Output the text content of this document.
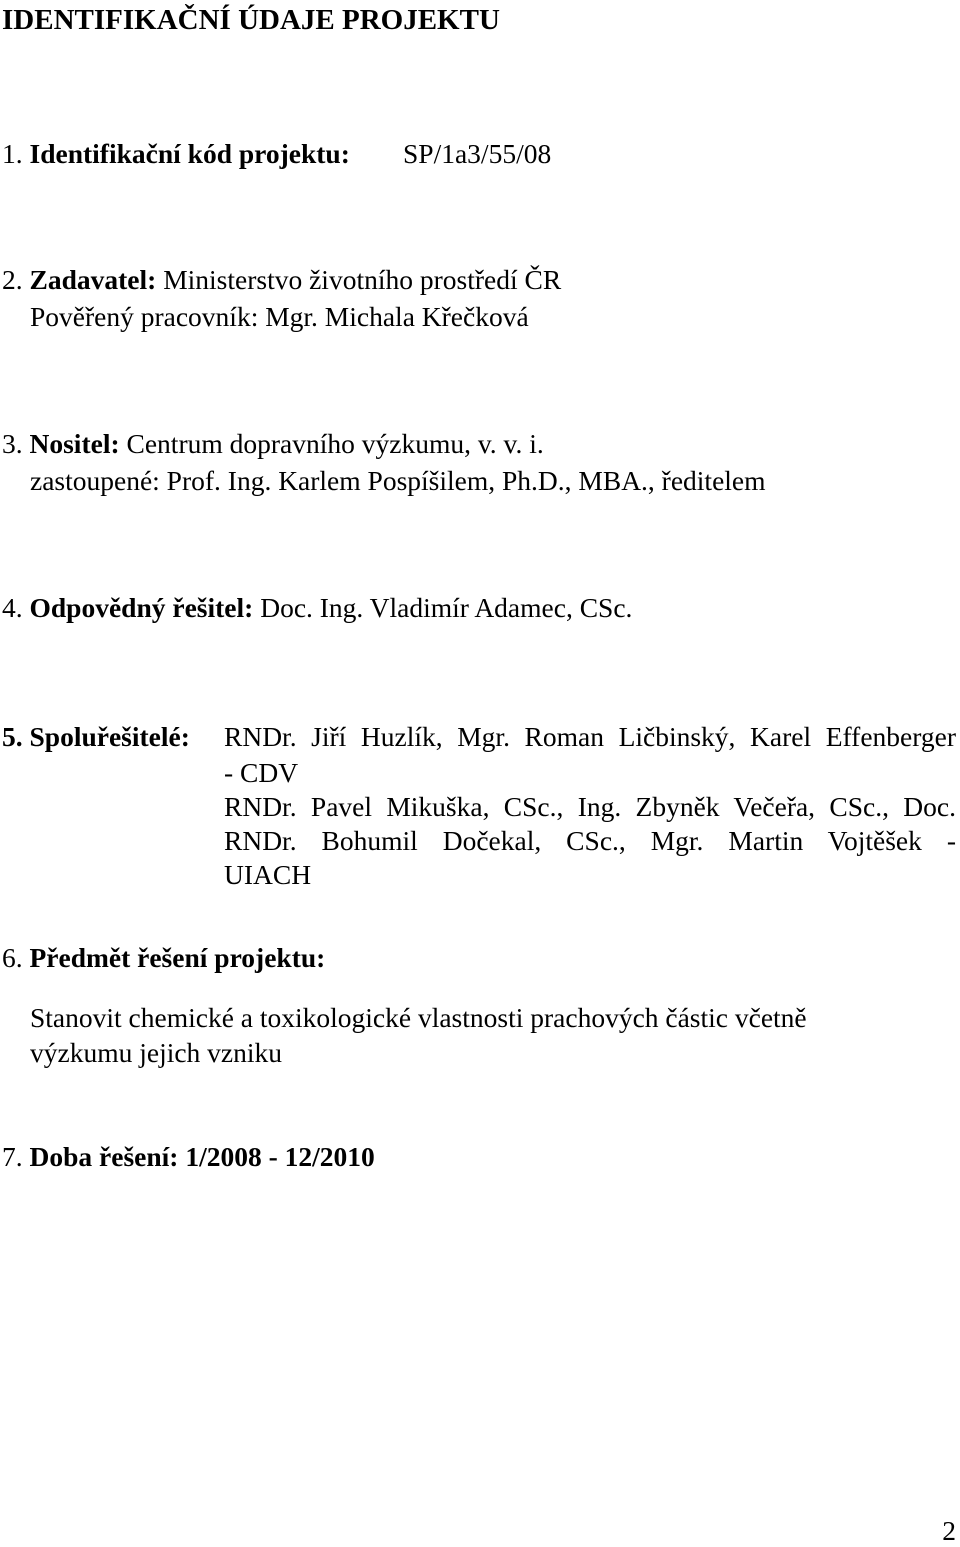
IDENTIFIKAČNÍ ÚDAJE PROJEKTU
1. Identifikační kód projektu: SP/1a3/55/08
2. Zadavatel: Ministerstvo životního prostředí ČR
Pověřený pracovník: Mgr. Michala Křečková
3. Nositel: Centrum dopravního výzkumu, v. v. i.
zastoupené: Prof. Ing. Karlem Pospíšilem, Ph.D., MBA., ředitelem
4. Odpovědný řešitel: Doc. Ing. Vladimír Adamec, CSc.
5. Spoluřešitelé: RNDr. Jiří Huzlík, Mgr. Roman Ličbinský, Karel Effenberger
- CDV
RNDr. Pavel Mikuška, CSc., Ing. Zbyněk Večeřa, CSc., Doc.
RNDr. Bohumil Dočekal, CSc., Mgr. Martin Vojtěšek -
UIACH
6. Předmět řešení projektu:
Stanovit chemické a toxikologické vlastnosti prachových částic včetně
výzkumu jejich vzniku
7. Doba řešení: 1/2008 - 12/2010
2
